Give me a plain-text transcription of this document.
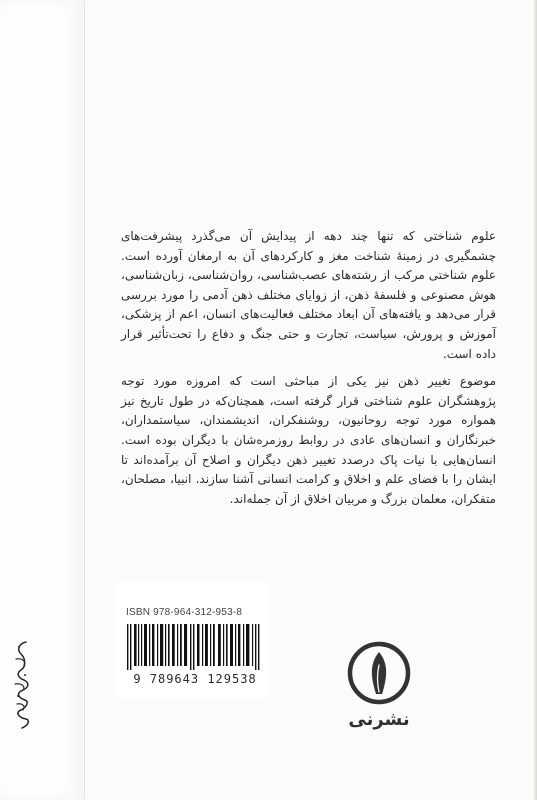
علوم شناختی که تنها چند دهه از پیدایش آن می‌گذرد پیشرفت‌های چشمگیری در زمینهٔ شناخت مغز و کارکردهای آن به ارمغان آورده است. علوم شناختی مرکب از رشته‌های عصب‌شناسی، روان‌شناسی، زبان‌شناسی، هوش مصنوعی و فلسفهٔ ذهن، از زوایای مختلف ذهن آدمی را مورد بررسی قرار می‌دهد و یافته‌های آن ابعاد مختلف فعالیت‌های انسان، اعم از پزشکی، آموزش و پرورش، سیاست، تجارت و حتی جنگ و دفاع را تحت‌تأثیر قرار داده است.

موضوع تغییر ذهن نیز یکی از مباحثی است که امروزه مورد توجه پژوهشگران علوم شناختی قرار گرفته است، همچنان‌که در طول تاریخ نیز همواره مورد توجه روحانیون، روشنفکران، اندیشمندان، سیاستمداران، خبرنگاران و انسان‌های عادی در روابط روزمره‌شان با دیگران بوده است. انسان‌هایی با نیات پاک درصدد تغییر ذهن دیگران و اصلاح آن برآمده‌اند تا ایشان را با فضای علم و اخلاق و کرامت انسانی آشنا سازند. انبیا، مصلحان، متفکران، معلمان بزرگ و مربیان اخلاق از آن جمله‌اند.

ISBN 978-964-312-953-8
9 789643 129538
نشرنی
